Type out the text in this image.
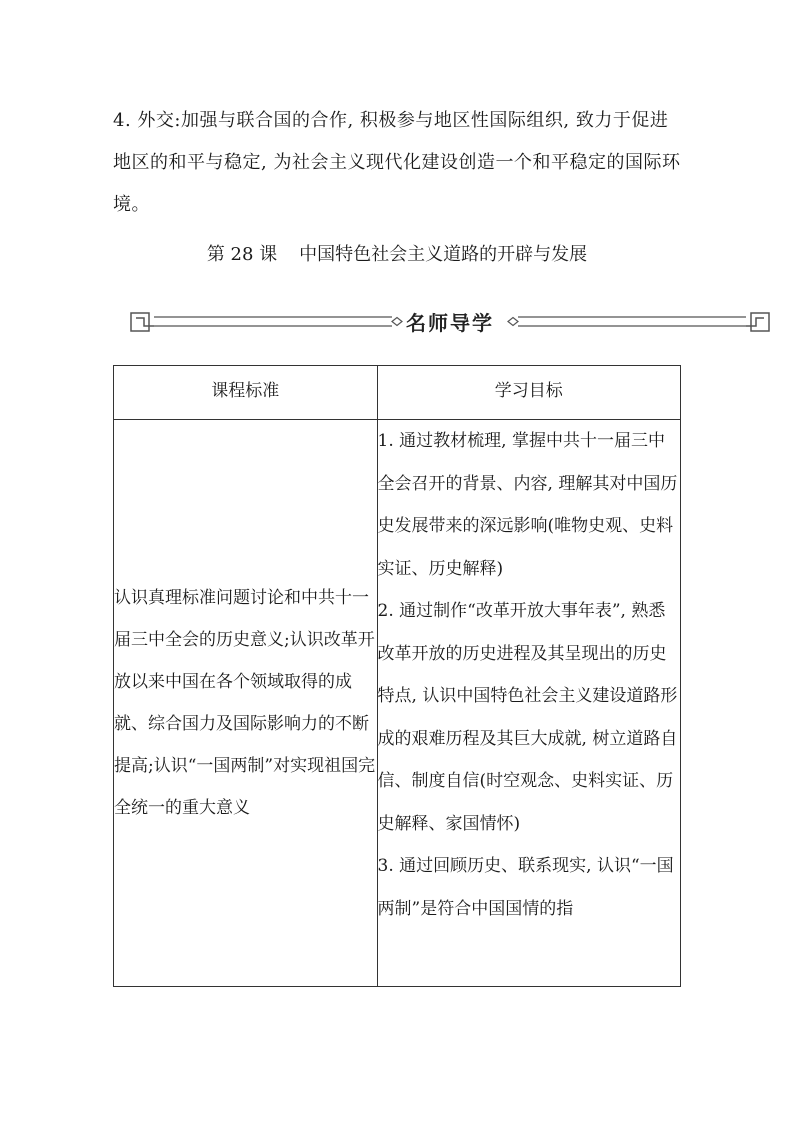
4. 外交:加强与联合国的合作, 积极参与地区性国际组织, 致力于促进地区的和平与稳定, 为社会主义现代化建设创造一个和平稳定的国际环境。
第 28 课 中国特色社会主义道路的开辟与发展
名师导学
课程标准	学习目标

认识真理标准问题讨论和中共十一届三中全会的历史意义;认识改革开放以来中国在各个领域取得的成就、综合国力及国际影响力的不断提高;认识“一国两制”对实现祖国完全统一的重大意义	1. 通过教材梳理, 掌握中共十一届三中全会召开的背景、内容, 理解其对中国历史发展带来的深远影响(唯物史观、史料实证、历史解释)

2. 通过制作“改革开放大事年表”, 熟悉改革开放的历史进程及其呈现出的历史特点, 认识中国特色社会主义建设道路形成的艰难历程及其巨大成就, 树立道路自信、制度自信(时空观念、史料实证、历史解释、家国情怀)

3. 通过回顾历史、联系现实, 认识“一国两制”是符合中国国情的指
